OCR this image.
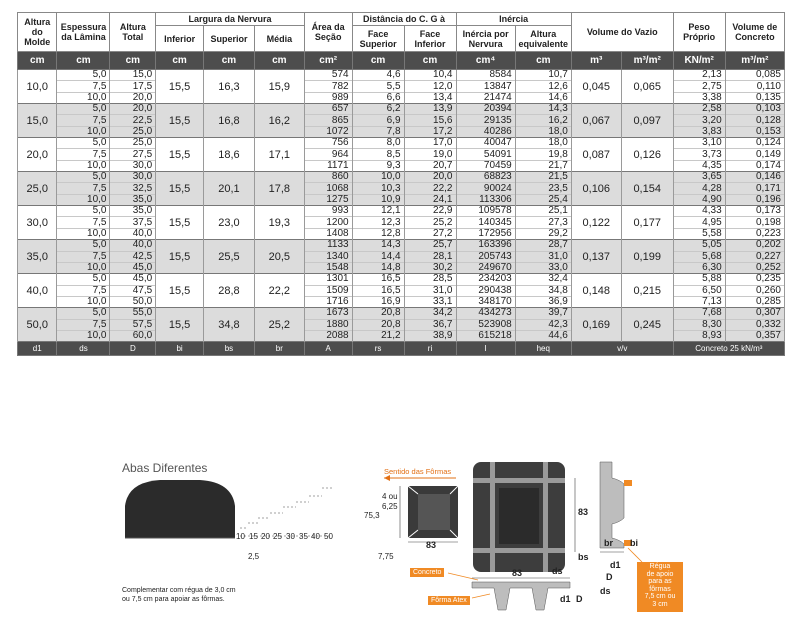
Altura do Molde	Espessura da Lâmina	Altura Total	Largura da Nervura			Área da Seção	Distância do C. G à		Inércia		Volume do Vazio		Peso Próprio	Volume de Concreto
			Inferior	Superior	Média		Face Superior	Face Inferior	Inércia por Nervura	Altura equivalente				
cm	cm	cm	cm	cm	cm	cm²	cm	cm	cm⁴	cm	m³	m³/m²	KN/m²	m³/m²
10,0	5,0	15,0	15,5	16,3	15,9	574	4,6	10,4	8584	10,7	0,045	0,065	2,13	0,085
	7,5	17,5				782	5,5	12,0	13847	12,6			2,75	0,110
	10,0	20,0				989	6,6	13,4	21474	14,6			3,38	0,135
15,0	5,0	20,0	15,5	16,8	16,2	657	6,2	13,9	20394	14,3	0,067	0,097	2,58	0,103
	7,5	22,5				865	6,9	15,6	29135	16,2			3,20	0,128
	10,0	25,0				1072	7,8	17,2	40286	18,0			3,83	0,153
20,0	5,0	25,0	15,5	18,6	17,1	756	8,0	17,0	40047	18,0	0,087	0,126	3,10	0,124
	7,5	27,5				964	8,5	19,0	54091	19,8			3,73	0,149
	10,0	30,0				1171	9,3	20,7	70459	21,7			4,35	0,174
25,0	5,0	30,0	15,5	20,1	17,8	860	10,0	20,0	68823	21,5	0,106	0,154	3,65	0,146
	7,5	32,5				1068	10,3	22,2	90024	23,5			4,28	0,171
	10,0	35,0				1275	10,9	24,1	113306	25,4			4,90	0,196
30,0	5,0	35,0	15,5	23,0	19,3	993	12,1	22,9	109578	25,1	0,122	0,177	4,33	0,173
	7,5	37,5				1200	12,3	25,2	140345	27,3			4,95	0,198
	10,0	40,0				1408	12,8	27,2	172956	29,2			5,58	0,223
35,0	5,0	40,0	15,5	25,5	20,5	1133	14,3	25,7	163396	28,7	0,137	0,199	5,05	0,202
	7,5	42,5				1340	14,4	28,1	205743	31,0			5,68	0,227
	10,0	45,0				1548	14,8	30,2	249670	33,0			6,30	0,252
40,0	5,0	45,0	15,5	28,8	22,2	1301	16,5	28,5	234203	32,4	0,148	0,215	5,88	0,235
	7,5	47,5				1509	16,5	31,0	290438	34,8			6,50	0,260
	10,0	50,0				1716	16,9	33,1	348170	36,9			7,13	0,285
50,0	5,0	55,0	15,5	34,8	25,2	1673	20,8	34,2	434273	39,7	0,169	0,245	7,68	0,307
	7,5	57,5				1880	20,8	36,7	523908	42,3			8,30	0,332
	10,0	60,0				2088	21,2	38,9	615218	44,6			8,93	0,357
d1	ds	D	bi	bs	br	A	rs	ri	I	heq	v/v		Concreto 25 kN/m³	
Abas Diferentes
10 15 20 25 30 35 40 50
2,5
Complementar com régua de 3,0 cm
ou 7,5 cm para apoiar as fôrmas.
Sentido das Fôrmas
4 ou
6,25
75,3
83
7,75
83
83
Concreto
Fôrma Atex
ds
d1 D
bs
br bi
d1
D
ds
Régua
de apoio
para as
fôrmas
7,5 cm ou
3 cm
